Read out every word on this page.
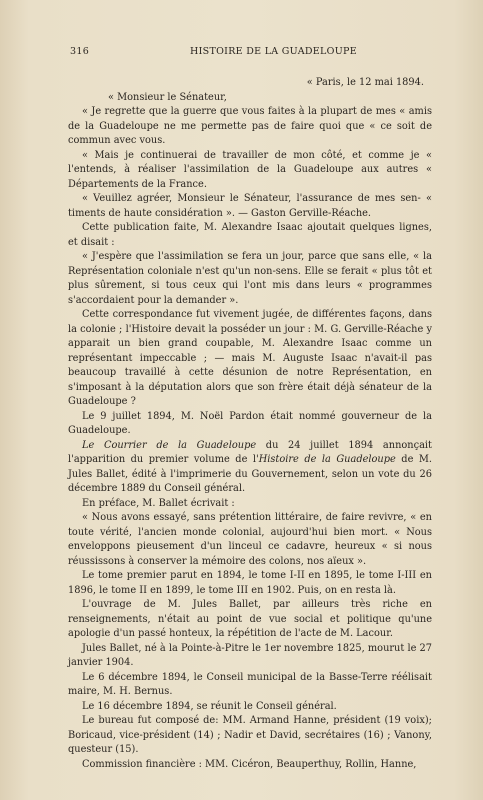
316	HISTOIRE DE LA GUADELOUPE

« Paris, le 12 mai 1894.

« Monsieur le Sénateur,

« Je regrette que la guerre que vous faites à la plupart de mes « amis de la Guadeloupe ne me permette pas de faire quoi que « ce soit de commun avec vous.

« Mais je continuerai de travailler de mon côté, et comme je « l'entends, à réaliser l'assimilation de la Guadeloupe aux autres « Départements de la France.

« Veuillez agréer, Monsieur le Sénateur, l'assurance de mes sen- « timents de haute considération ». — Gaston Gerville-Réache.

Cette publication faite, M. Alexandre Isaac ajoutait quelques lignes, et disait :

« J'espère que l'assimilation se fera un jour, parce que sans elle, « la Représentation coloniale n'est qu'un non-sens. Elle se ferait « plus tôt et plus sûrement, si tous ceux qui l'ont mis dans leurs « programmes s'accordaient pour la demander ».

Cette correspondance fut vivement jugée, de différentes façons, dans la colonie ; l'Histoire devait la posséder un jour : M. G. Gerville-Réache y apparait un bien grand coupable, M. Alexandre Isaac comme un représentant impeccable ; — mais M. Auguste Isaac n'avait-il pas beaucoup travaillé à cette désunion de notre Représentation, en s'imposant à la députation alors que son frère était déjà sénateur de la Guadeloupe ?

Le 9 juillet 1894, M. Noël Pardon était nommé gouverneur de la Guadeloupe.

Le Courrier de la Guadeloupe du 24 juillet 1894 annonçait l'apparition du premier volume de l'Histoire de la Guadeloupe de M. Jules Ballet, édité à l'imprimerie du Gouvernement, selon un vote du 26 décembre 1889 du Conseil général.

En préface, M. Ballet écrivait :

« Nous avons essayé, sans prétention littéraire, de faire revivre, « en toute vérité, l'ancien monde colonial, aujourd'hui bien mort. « Nous enveloppons pieusement d'un linceul ce cadavre, heureux « si nous réussissons à conserver la mémoire des colons, nos aïeux ».

Le tome premier parut en 1894, le tome I-II en 1895, le tome I-III en 1896, le tome II en 1899, le tome III en 1902. Puis, on en resta là.

L'ouvrage de M. Jules Ballet, par ailleurs très riche en renseignements, n'était au point de vue social et politique qu'une apologie d'un passé honteux, la répétition de l'acte de M. Lacour.

Jules Ballet, né à la Pointe-à-Pitre le 1er novembre 1825, mourut le 27 janvier 1904.

Le 6 décembre 1894, le Conseil municipal de la Basse-Terre réélisait maire, M. H. Bernus.

Le 16 décembre 1894, se réunit le Conseil général.

Le bureau fut composé de: MM. Armand Hanne, président (19 voix); Boricaud, vice-président (14) ; Nadir et David, secrétaires (16) ; Vanony, questeur (15).

Commission financière : MM. Cicéron, Beauperthuy, Rollin, Hanne,
